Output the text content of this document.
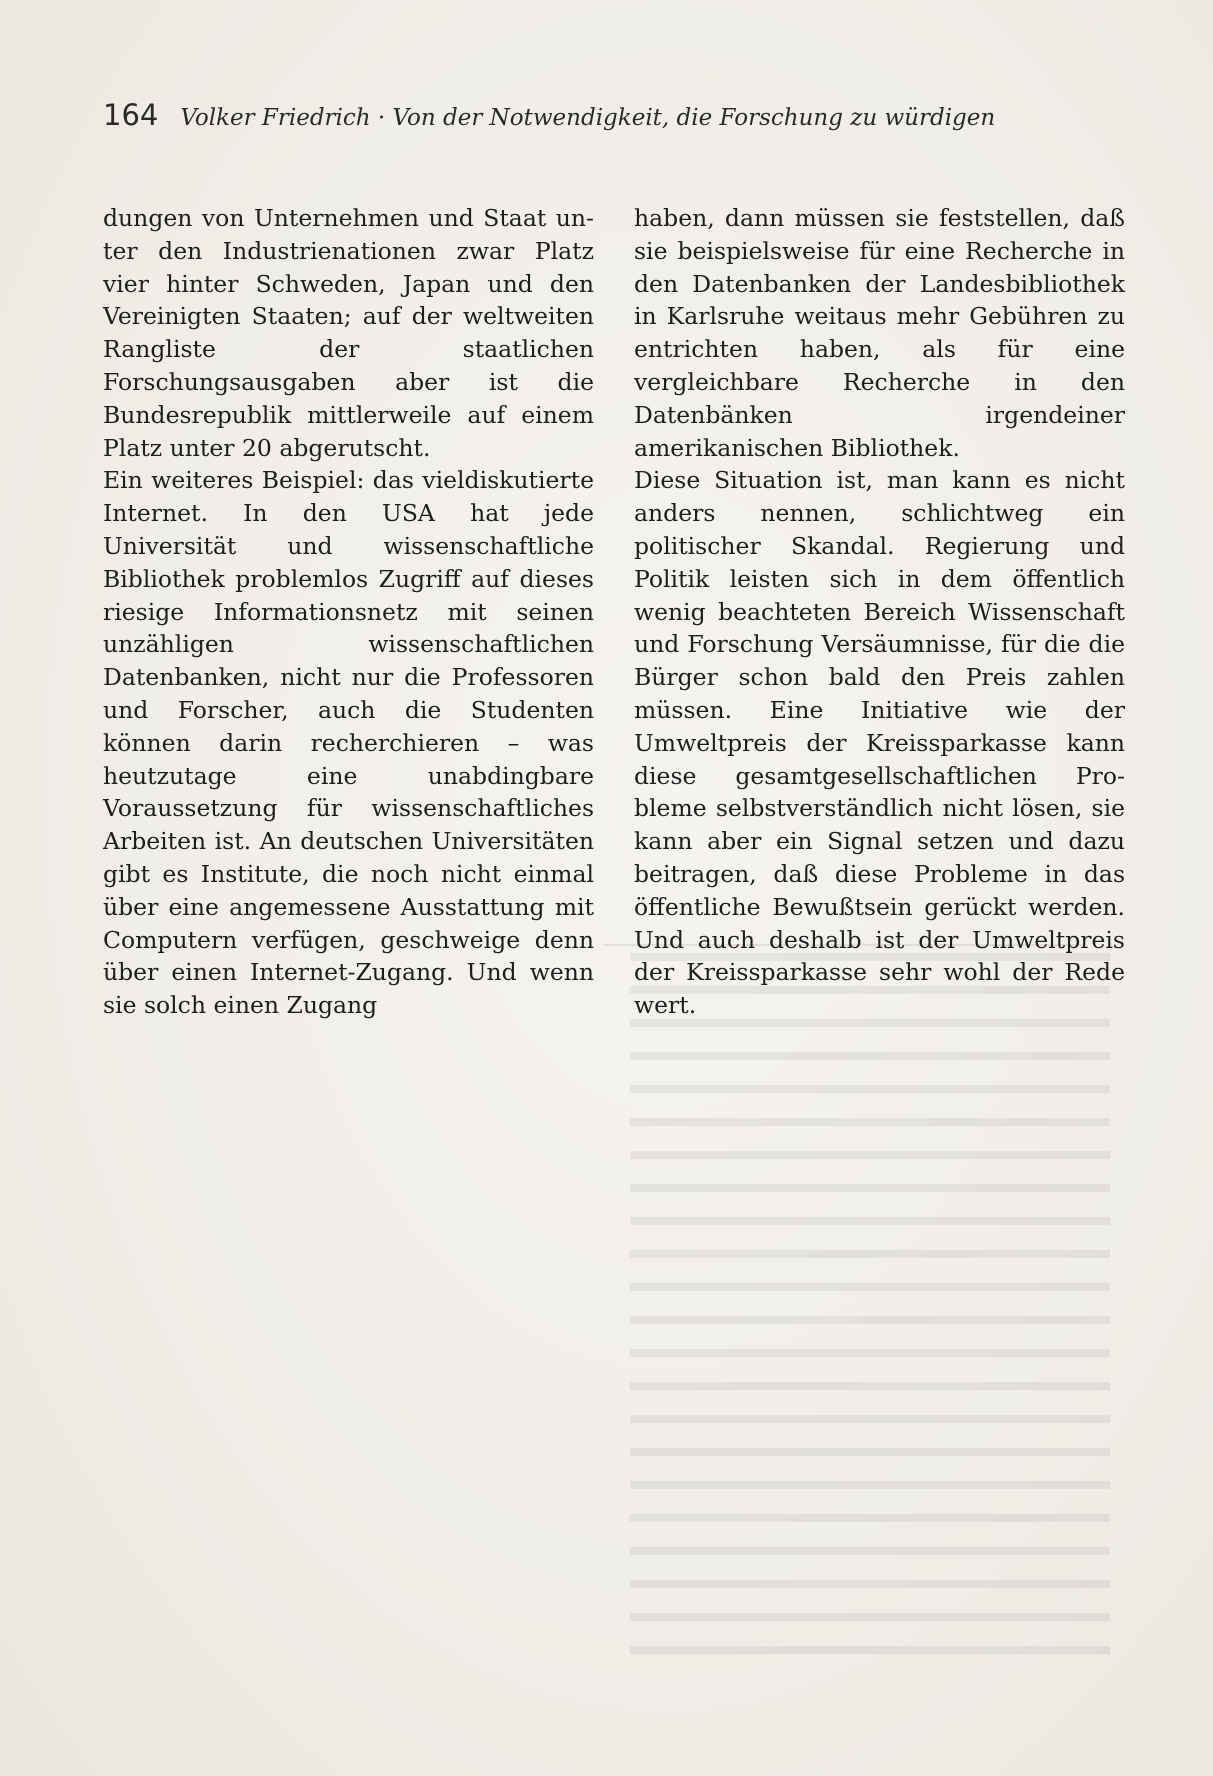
164 Volker Friedrich · Von der Notwendigkeit, die Forschung zu würdigen

dungen von Unternehmen und Staat unter den Industrienationen zwar Platz vier hinter Schweden, Japan und den Vereinigten Staaten; auf der weltweiten Rangliste der staatlichen Forschungsausgaben aber ist die Bundesrepublik mittlerweile auf einem Platz unter 20 abgerutscht.

Ein weiteres Beispiel: das vieldiskutierte Internet. In den USA hat jede Universität und wissenschaftliche Bibliothek problemlos Zugriff auf dieses riesige Informationsnetz mit seinen unzähligen wissenschaftlichen Datenbanken, nicht nur die Professoren und Forscher, auch die Studenten können darin recherchieren – was heutzutage eine unabdingbare Voraussetzung für wissenschaftliches Arbeiten ist. An deutschen Universitäten gibt es Institute, die noch nicht einmal über eine angemessene Ausstattung mit Computern verfügen, geschweige denn über einen Internet-Zugang. Und wenn sie solch einen Zugang

haben, dann müssen sie feststellen, daß sie beispielsweise für eine Recherche in den Datenbanken der Landesbibliothek in Karlsruhe weitaus mehr Gebühren zu entrichten haben, als für eine vergleichbare Recherche in den Datenbänken irgendeiner amerikanischen Bibliothek.

Diese Situation ist, man kann es nicht anders nennen, schlichtweg ein politischer Skandal. Regierung und Politik leisten sich in dem öffentlich wenig beachteten Bereich Wissenschaft und Forschung Versäumnisse, für die die Bürger schon bald den Preis zahlen müssen. Eine Initiative wie der Umweltpreis der Kreissparkasse kann diese gesamtgesellschaftlichen Probleme selbstverständlich nicht lösen, sie kann aber ein Signal setzen und dazu beitragen, daß diese Probleme in das öffentliche Bewußtsein gerückt werden. Und auch deshalb ist der Umweltpreis der Kreissparkasse sehr wohl der Rede wert.
